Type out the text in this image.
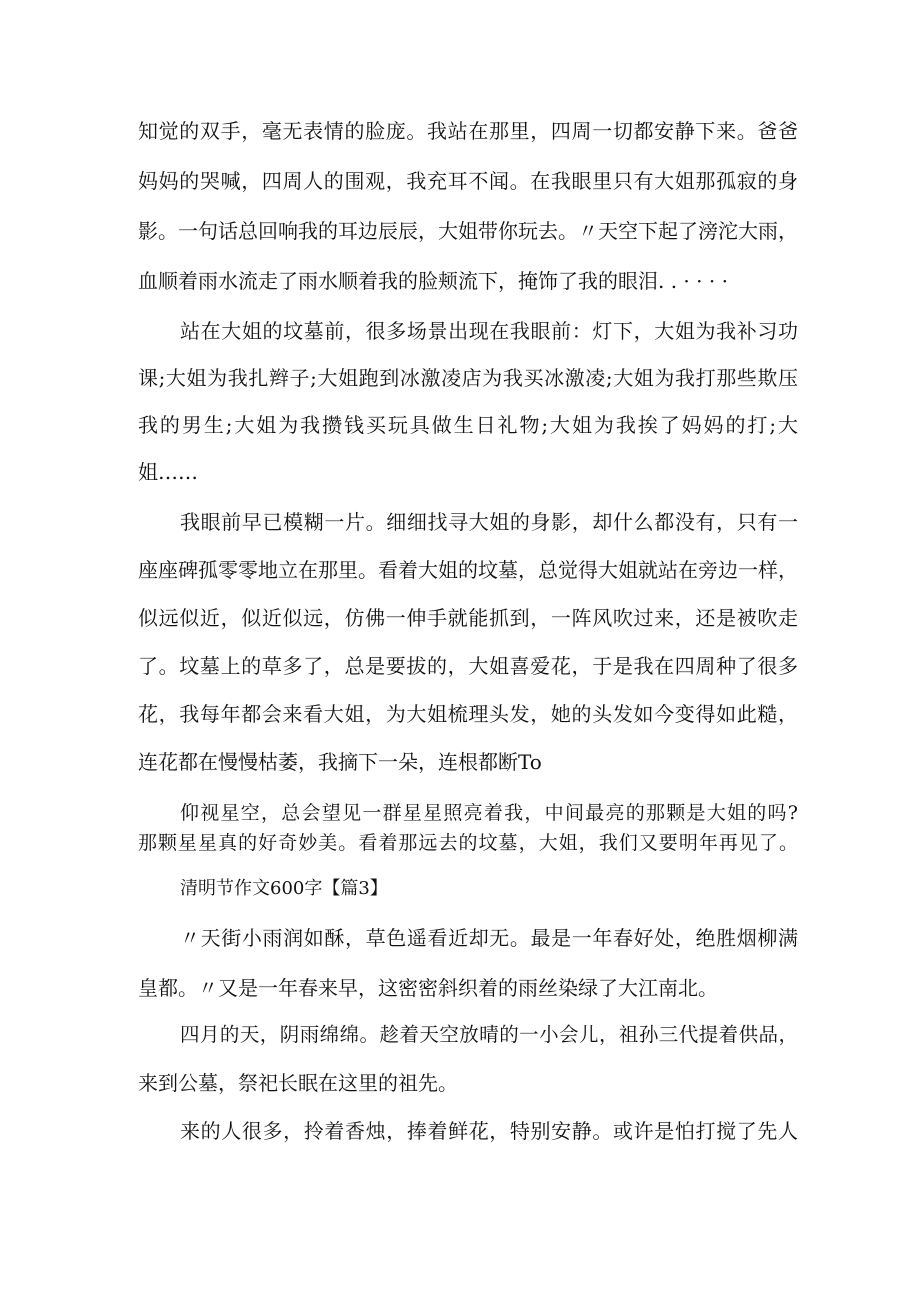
知觉的双手，毫无表情的脸庞。我站在那里，四周一切都安静下来。爸爸
妈妈的哭喊，四周人的围观，我充耳不闻。在我眼里只有大姐那孤寂的身
影。一句话总回响我的耳边辰辰，大姐带你玩去。〃天空下起了滂沱大雨，
血顺着雨水流走了雨水顺着我的脸颊流下，掩饰了我的眼泪. . · · · ·
站在大姐的坟墓前，很多场景出现在我眼前：灯下，大姐为我补习功
课;大姐为我扎辫子;大姐跑到冰激凌店为我买冰激凌;大姐为我打那些欺压
我的男生;大姐为我攒钱买玩具做生日礼物;大姐为我挨了妈妈的打;大
姐……
我眼前早已模糊一片。细细找寻大姐的身影，却什么都没有，只有一
座座碑孤零零地立在那里。看着大姐的坟墓，总觉得大姐就站在旁边一样，
似远似近，似近似远，仿佛一伸手就能抓到，一阵风吹过来，还是被吹走
了。坟墓上的草多了，总是要拔的，大姐喜爱花，于是我在四周种了很多
花，我每年都会来看大姐，为大姐梳理头发，她的头发如今变得如此糙，
连花都在慢慢枯萎，我摘下一朵，连根都断To
仰视星空，总会望见一群星星照亮着我，中间最亮的那颗是大姐的吗?
那颗星星真的好奇妙美。看着那远去的坟墓，大姐，我们又要明年再见了。
清明节作文600字【篇3】
〃天街小雨润如酥，草色遥看近却无。最是一年春好处，绝胜烟柳满
皇都。〃又是一年春来早，这密密斜织着的雨丝染绿了大江南北。
四月的天，阴雨绵绵。趁着天空放晴的一小会儿，祖孙三代提着供品，
来到公墓，祭祀长眠在这里的祖先。
来的人很多，拎着香烛，捧着鲜花，特别安静。或许是怕打搅了先人
